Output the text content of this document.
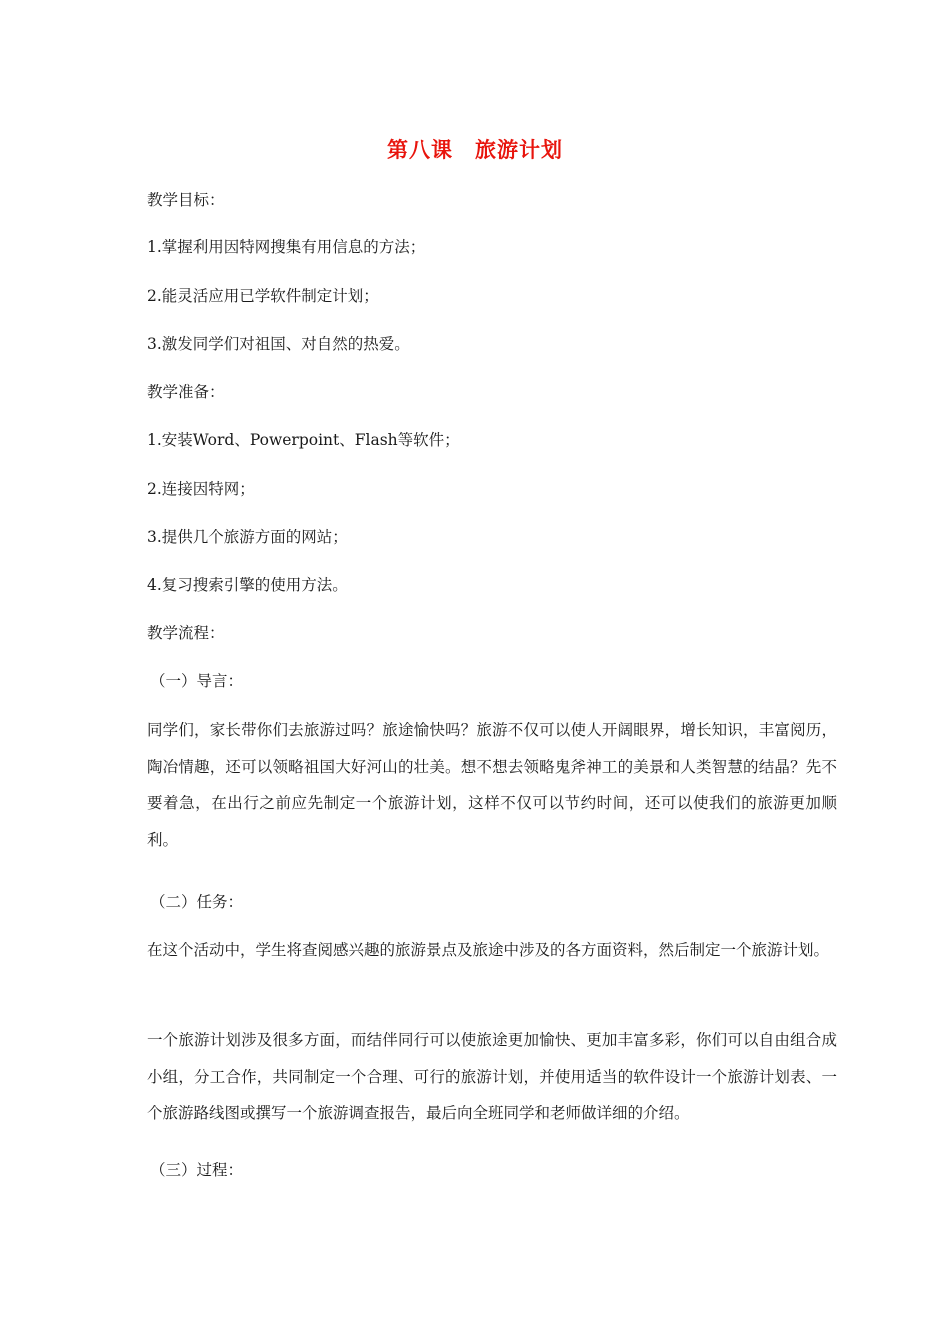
第八课 旅游计划
教学目标：
1.掌握利用因特网搜集有用信息的方法；
2.能灵活应用已学软件制定计划；
3.激发同学们对祖国、对自然的热爱。
教学准备：
1.安装Word、Powerpoint、Flash等软件；
2.连接因特网；
3.提供几个旅游方面的网站；
4.复习搜索引擎的使用方法。
教学流程：
（一）导言：
同学们，家长带你们去旅游过吗？旅途愉快吗？旅游不仅可以使人开阔眼界，增长知识，丰富阅历，陶冶情趣，还可以领略祖国大好河山的壮美。想不想去领略鬼斧神工的美景和人类智慧的结晶？先不要着急，在出行之前应先制定一个旅游计划，这样不仅可以节约时间，还可以使我们的旅游更加顺利。
（二）任务：
在这个活动中，学生将查阅感兴趣的旅游景点及旅途中涉及的各方面资料，然后制定一个旅游计划。
一个旅游计划涉及很多方面，而结伴同行可以使旅途更加愉快、更加丰富多彩，你们可以自由组合成小组，分工合作，共同制定一个合理、可行的旅游计划，并使用适当的软件设计一个旅游计划表、一个旅游路线图或撰写一个旅游调查报告，最后向全班同学和老师做详细的介绍。
（三）过程：
